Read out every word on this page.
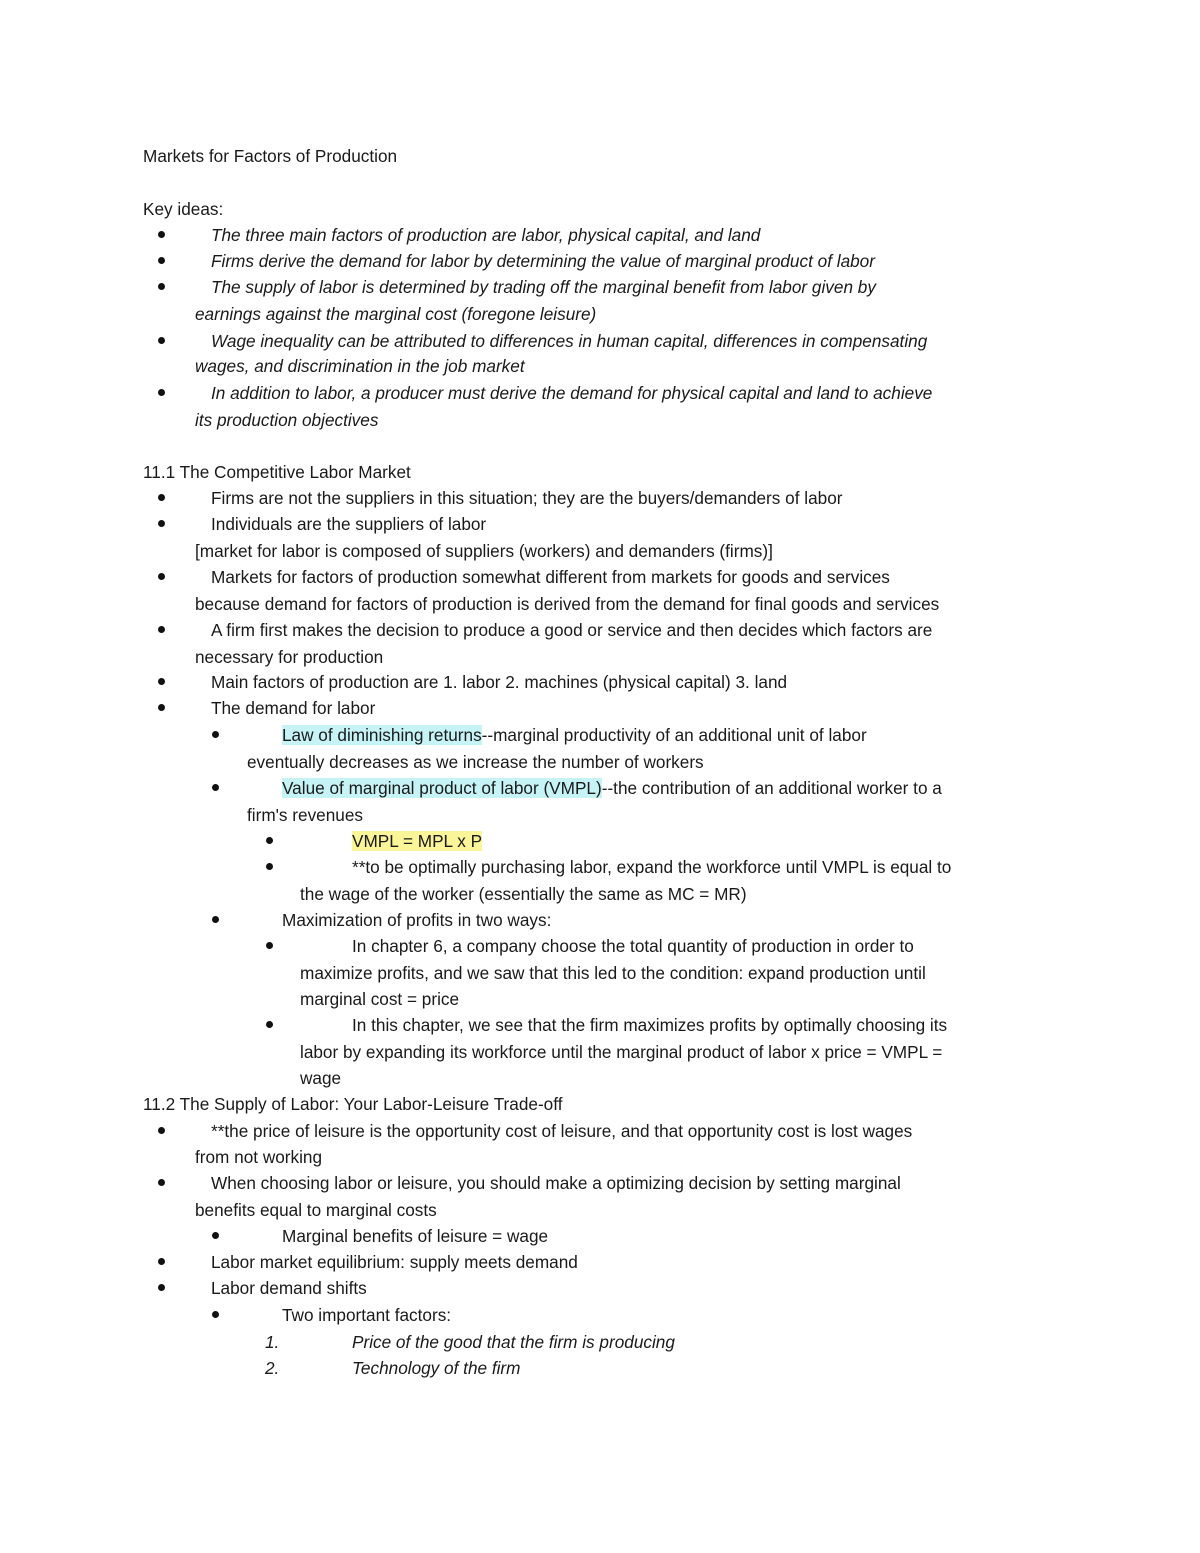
Markets for Factors of Production
Key ideas:
The three main factors of production are labor, physical capital, and land
Firms derive the demand for labor by determining the value of marginal product of labor
The supply of labor is determined by trading off the marginal benefit from labor given by
earnings against the marginal cost (foregone leisure)
Wage inequality can be attributed to differences in human capital, differences in compensating
wages, and discrimination in the job market
In addition to labor, a producer must derive the demand for physical capital and land to achieve
its production objectives
11.1 The Competitive Labor Market
Firms are not the suppliers in this situation; they are the buyers/demanders of labor
Individuals are the suppliers of labor
[market for labor is composed of suppliers (workers) and demanders (firms)]
Markets for factors of production somewhat different from markets for goods and services
because demand for factors of production is derived from the demand for final goods and services
A firm first makes the decision to produce a good or service and then decides which factors are
necessary for production
Main factors of production are 1. labor 2. machines (physical capital) 3. land
The demand for labor
Law of diminishing returns--marginal productivity of an additional unit of labor
eventually decreases as we increase the number of workers
Value of marginal product of labor (VMPL)--the contribution of an additional worker to a
firm's revenues
VMPL = MPL x P
**to be optimally purchasing labor, expand the workforce until VMPL is equal to
the wage of the worker (essentially the same as MC = MR)
Maximization of profits in two ways:
In chapter 6, a company choose the total quantity of production in order to
maximize profits, and we saw that this led to the condition: expand production until
marginal cost = price
In this chapter, we see that the firm maximizes profits by optimally choosing its
labor by expanding its workforce until the marginal product of labor x price = VMPL =
wage
11.2 The Supply of Labor: Your Labor-Leisure Trade-off
**the price of leisure is the opportunity cost of leisure, and that opportunity cost is lost wages
from not working
When choosing labor or leisure, you should make a optimizing decision by setting marginal
benefits equal to marginal costs
Marginal benefits of leisure = wage
Labor market equilibrium: supply meets demand
Labor demand shifts
Two important factors:
1.	Price of the good that the firm is producing
2.	Technology of the firm
